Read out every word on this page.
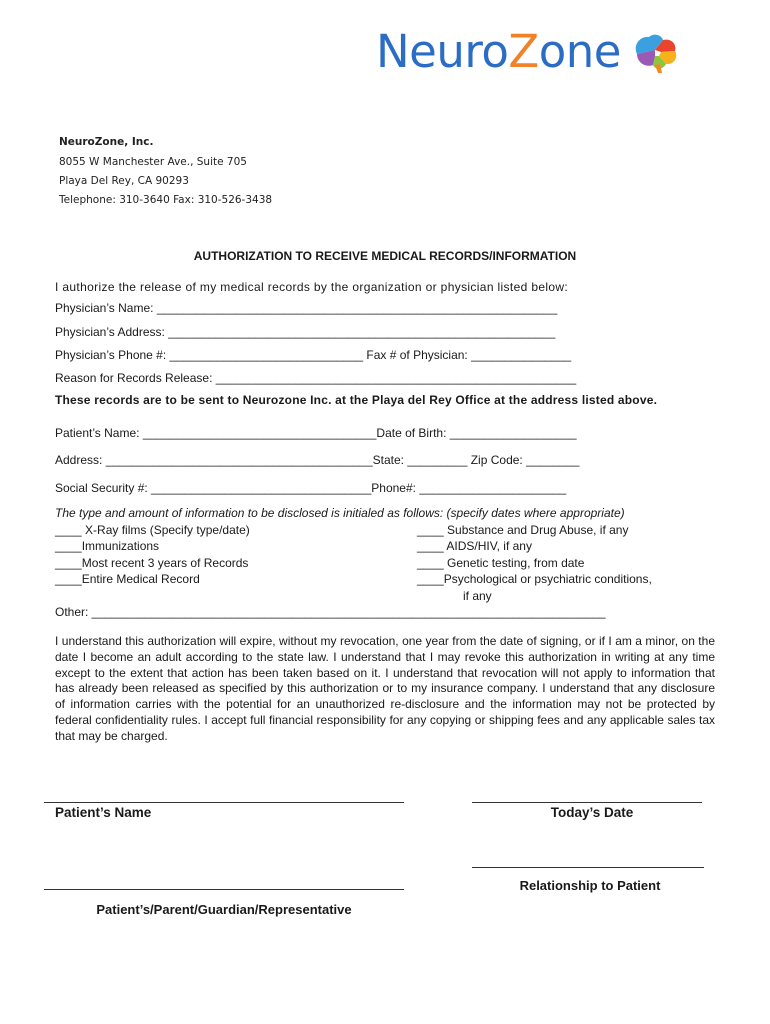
NeuroZone
NeuroZone, Inc.
8055 W Manchester Ave., Suite 705
Playa Del Rey, CA 90293
Telephone: 310-3640 Fax: 310-526-3438
AUTHORIZATION TO RECEIVE MEDICAL RECORDS/INFORMATION
I authorize the release of my medical records by the organization or physician listed below:
Physician’s Name: ____________________________________________________________
Physician’s Address: __________________________________________________________
Physician’s Phone #: _____________________________ Fax # of Physician: _______________
Reason for Records Release: ______________________________________________________
These records are to be sent to Neurozone Inc. at the Playa del Rey Office at the address listed above.
Patient’s Name: ___________________________________Date of Birth: ___________________
Address: ________________________________________State: _________ Zip Code: ________
Social Security #: _________________________________Phone#: ______________________
The type and amount of information to be disclosed is initialed as follows: (specify dates where appropriate)
____ X-Ray films (Specify type/date)
____Immunizations
____Most recent 3 years of Records
____Entire Medical Record
____ Substance and Drug Abuse, if any
____ AIDS/HIV, if any
____ Genetic testing, from date
____Psychological or psychiatric conditions,
if any
Other: _____________________________________________________________________________
I understand this authorization will expire, without my revocation, one year from the date of signing, or if I am a minor, on the date I become an adult according to the state law. I understand that I may revoke this authorization in writing at any time except to the extent that action has been taken based on it. I understand that revocation will not apply to information that has already been released as specified by this authorization or to my insurance company. I understand that any disclosure of information carries with the potential for an unauthorized re-disclosure and the information may not be protected by federal confidentiality rules. I accept full financial responsibility for any copying or shipping fees and any applicable sales tax that may be charged.
Patient’s Name	Today’s Date
Relationship to Patient
Patient’s/Parent/Guardian/Representative
